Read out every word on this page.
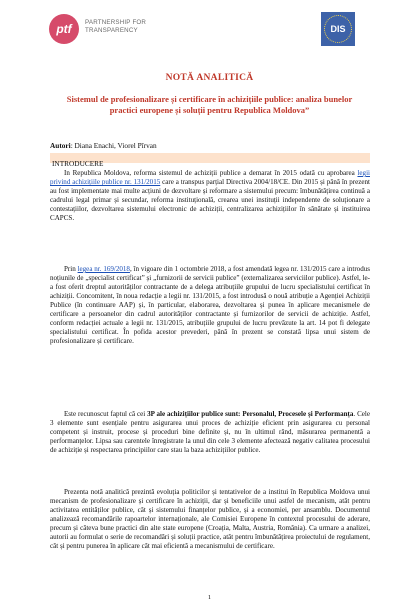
ptf PARTNERSHIP FOR
TRANSPARENCY	DIS
NOTĂ ANALITICĂ
Sistemul de profesionalizare și certificare în achizițiile publice: analiza bunelor practici europene și soluții pentru Republica Moldova”
Autori: Diana Enachi, Viorel Pîrvan
INTRODUCERE
In Republica Moldova, reforma sistemul de achiziții publice a demarat în 2015 odată cu aprobarea legii privind achizițiile publice nr. 131/2015 care a transpus parțial Directiva 2004/18/CE. Din 2015 și până în prezent au fost implementate mai multe acțiuni de dezvoltare și reformare a sistemului precum: îmbunătățirea continuă a cadrului legal primar și secundar, reforma instituțională, crearea unei instituții independente de soluționare a contestațiilor, dezvoltarea sistemului electronic de achiziții, centralizarea achizițiilor în sănătate și instituirea CAPCS.
Prin legea nr. 169/2018, în vigoare din 1 octombrie 2018, a fost amendată legea nr. 131/2015 care a introdus noțiunile de „specialist certificat” și „furnizorii de servicii publice” (externalizarea serviciilor publice). Astfel, le-a fost oferit dreptul autorităților contractante de a delega atribuțiile grupului de lucru specialistului certificat în achiziții. Concomitent, în noua redacție a legii nr. 131/2015, a fost introdusă o nouă atribuție a Agenției Achiziții Publice (în continuare AAP) și, în particular, elaborarea, dezvoltarea și punea în aplicare mecanismele de certificare a persoanelor din cadrul autorităților contractante și furnizorilor de servicii de achiziție. Astfel, conform redacției actuale a legii nr. 131/2015, atribuțiile grupului de lucru prevăzute la art. 14 pot fi delegate specialistului certificat. În pofida acestor prevederi, până în prezent se constată lipsa unui sistem de profesionalizare și certificare.
Este recunoscut faptul că cei 3P ale achizițiilor publice sunt: Personalul, Procesele și Performanța. Cele 3 elemente sunt esențiale pentru asigurarea unui proces de achiziție eficient prin asigurarea cu personal competent și instruit, procese și proceduri bine definite și, nu în ultimul rând, măsurarea permanentă a performanțelor. Lipsa sau carentele înregistrate la unul din cele 3 elemente afectează negativ calitatea procesului de achiziție și respectarea principiilor care stau la baza achizițiilor publice.
Prezenta notă analitică prezintă evoluția politicilor și tentativelor de a institui în Republica Moldova unui mecanism de profesionalizare și certificare în achiziții, dar și beneficiile unui astfel de mecanism, atât pentru activitatea entităților publice, cât și sistemului finanțelor publice, și a economiei, per ansamblu. Documentul analizează recomandările rapoartelor internaționale, ale Comisiei Europene în contextul procesului de aderare, precum și câteva bune practici din alte state europene (Croația, Malta, Austria, România). Ca urmare a analizei, autorii au formulat o serie de recomandări și soluții practice, atât pentru îmbunătățirea proiectului de regulament, cât și pentru punerea în aplicare cât mai eficientă a mecanismului de certificare.
1
